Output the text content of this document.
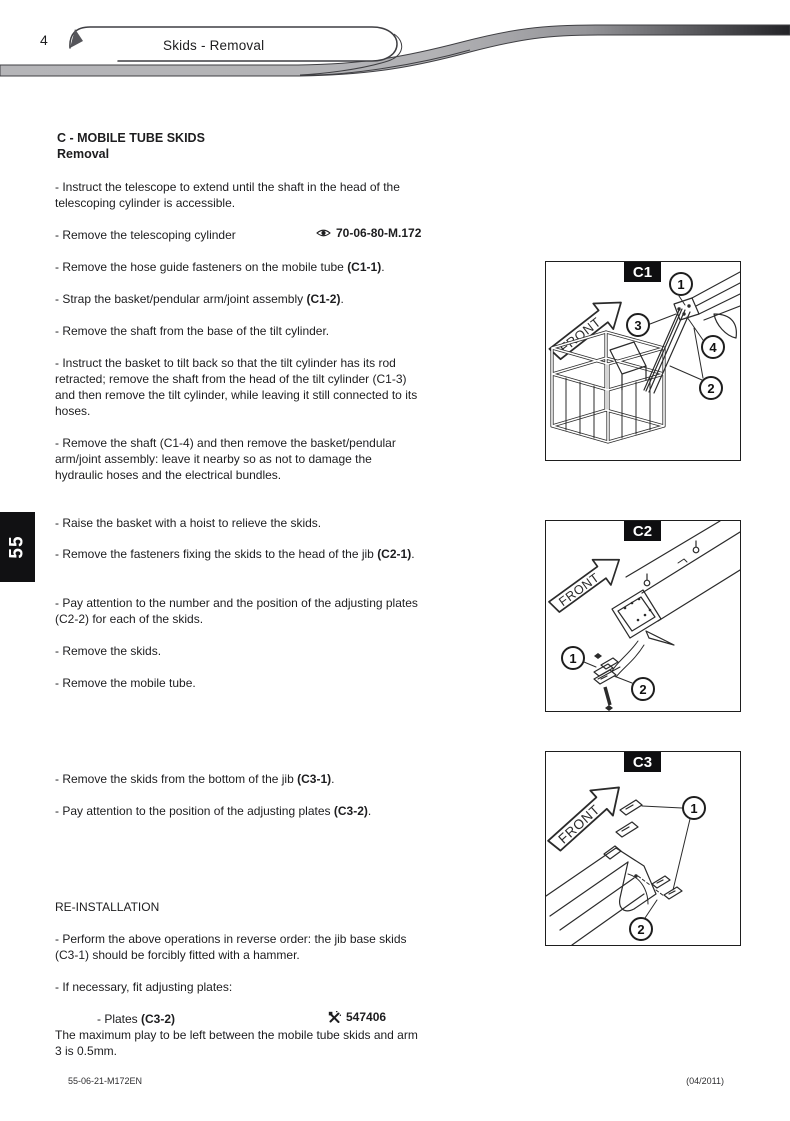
4	Skids - Removal
55
C - MOBILE TUBE SKIDS
Removal
- Instruct the telescope to extend until the shaft in the head of the telescoping cylinder is accessible.
- Remove the telescoping cylinder	70-06-80-M.172
- Remove the hose guide fasteners on the mobile tube (C1-1).
- Strap the basket/pendular arm/joint assembly (C1-2).
- Remove the shaft from the base of the tilt cylinder.
- Instruct the basket to tilt back so that the tilt cylinder has its rod retracted; remove the shaft from the head of the tilt cylinder (C1-3) and then remove the tilt cylinder, while leaving it still connected to its hoses.
- Remove the shaft (C1-4) and then remove the basket/pendular arm/joint assembly: leave it nearby so as not to damage the hydraulic hoses and the electrical bundles.
- Raise the basket with a hoist to relieve the skids.
- Remove the fasteners fixing the skids to the head of the jib (C2-1).
- Pay attention to the number and the position of the adjusting plates (C2-2) for each of the skids.
- Remove the skids.
- Remove the mobile tube.
- Remove the skids from the bottom of the jib (C3-1).
- Pay attention to the position of the adjusting plates (C3-2).
RE-INSTALLATION
- Perform the above operations in reverse order: the jib base skids (C3-1) should be forcibly fitted with a hammer.
- If necessary, fit adjusting plates:
- Plates (C3-2)	547406
The maximum play to be left between the mobile tube skids and arm 3 is 0.5mm.
FRONT
C1
1
3
4
2
FRONT
C2
1
2
FRONT
C3
1
2
55-06-21-M172EN	(04/2011)
